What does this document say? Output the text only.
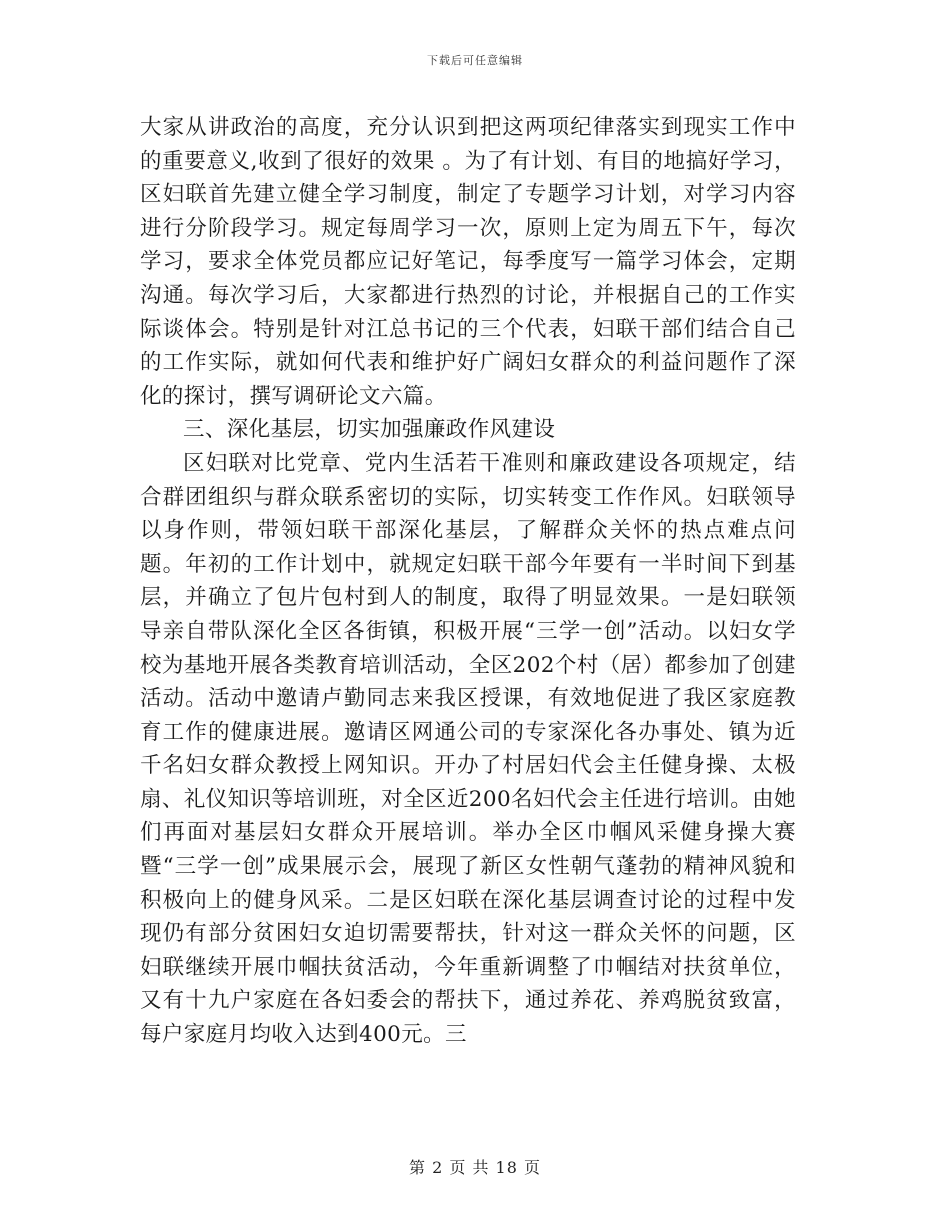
下载后可任意编辑

大家从讲政治的高度，充分认识到把这两项纪律落实到现实工作中的重要意义,收到了很好的效果 。为了有计划、有目的地搞好学习，区妇联首先建立健全学习制度，制定了专题学习计划，对学习内容进行分阶段学习。规定每周学习一次，原则上定为周五下午，每次学习，要求全体党员都应记好笔记，每季度写一篇学习体会，定期沟通。每次学习后，大家都进行热烈的讨论，并根据自己的工作实际谈体会。特别是针对江总书记的三个代表，妇联干部们结合自己的工作实际，就如何代表和维护好广阔妇女群众的利益问题作了深化的探讨，撰写调研论文六篇。

三、深化基层，切实加强廉政作风建设

区妇联对比党章、党内生活若干准则和廉政建设各项规定，结合群团组织与群众联系密切的实际，切实转变工作作风。妇联领导以身作则，带领妇联干部深化基层，了解群众关怀的热点难点问题。年初的工作计划中，就规定妇联干部今年要有一半时间下到基层，并确立了包片包村到人的制度，取得了明显效果。一是妇联领导亲自带队深化全区各街镇，积极开展“三学一创”活动。以妇女学校为基地开展各类教育培训活动，全区202个村（居）都参加了创建活动。活动中邀请卢勤同志来我区授课，有效地促进了我区家庭教育工作的健康进展。邀请区网通公司的专家深化各办事处、镇为近千名妇女群众教授上网知识。开办了村居妇代会主任健身操、太极扇、礼仪知识等培训班，对全区近200名妇代会主任进行培训。由她们再面对基层妇女群众开展培训。举办全区巾帼风采健身操大赛暨“三学一创”成果展示会，展现了新区女性朝气蓬勃的精神风貌和积极向上的健身风采。二是区妇联在深化基层调查讨论的过程中发现仍有部分贫困妇女迫切需要帮扶，针对这一群众关怀的问题，区妇联继续开展巾帼扶贫活动，今年重新调整了巾帼结对扶贫单位，又有十九户家庭在各妇委会的帮扶下，通过养花、养鸡脱贫致富，每户家庭月均收入达到400元。三

第 2 页 共 18 页
